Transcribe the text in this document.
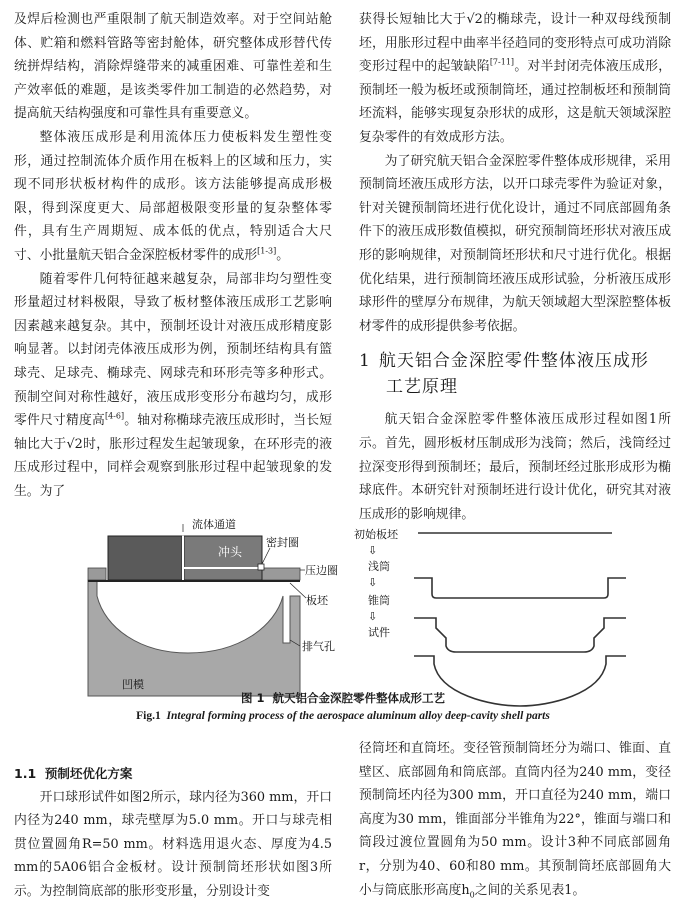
及焊后检测也严重限制了航天制造效率。对于空间站舱体、贮箱和燃料管路等密封舱体，研究整体成形替代传统拼焊结构，消除焊缝带来的减重困难、可靠性差和生产效率低的难题，是该类零件加工制造的必然趋势，对提高航天结构强度和可靠性具有重要意义。

整体液压成形是利用流体压力使板料发生塑性变形，通过控制流体介质作用在板料上的区域和压力，实现不同形状板材构件的成形。该方法能够提高成形极限，得到深度更大、局部超极限变形量的复杂整体零件，具有生产周期短、成本低的优点，特别适合大尺寸、小批量航天铝合金深腔板材零件的成形[1-3]。

随着零件几何特征越来越复杂，局部非均匀塑性变形量超过材料极限，导致了板材整体液压成形工艺影响因素越来越复杂。其中，预制坯设计对液压成形精度影响显著。以封闭壳体液压成形为例，预制坯结构具有篮球壳、足球壳、椭球壳、网球壳和环形壳等多种形式。预制空间对称性越好，液压成形变形分布越均匀，成形零件尺寸精度高[4-6]。轴对称椭球壳液压成形时，当长短轴比大于√2时，胀形过程发生起皱现象，在环形壳的液压成形过程中，同样会观察到胀形过程中起皱现象的发生。为了

获得长短轴比大于√2的椭球壳，设计一种双母线预制坯，用胀形过程中曲率半径趋同的变形特点可成功消除变形过程中的起皱缺陷[7-11]。对半封闭壳体液压成形，预制坯一般为板坯或预制筒坯，通过控制板坯和预制筒坯流料，能够实现复杂形状的成形，这是航天领域深腔复杂零件的有效成形方法。

为了研究航天铝合金深腔零件整体成形规律，采用预制筒坯液压成形方法，以开口球壳零件为验证对象，针对关键预制筒坯进行优化设计，通过不同底部圆角条件下的液压成形数值模拟，研究预制筒坯形状对液压成形的影响规律，对预制筒坯形状和尺寸进行优化。根据优化结果，进行预制筒坯液压成形试验，分析液压成形球形件的壁厚分布规律，为航天领域超大型深腔整体板材零件的成形提供参考依据。

1 航天铝合金深腔零件整体液压成形
工艺原理

航天铝合金深腔零件整体液压成形过程如图1所示。首先，圆形板材压制成形为浅筒；然后，浅筒经过拉深变形得到预制坯；最后，预制坯经过胀形成形为椭球底件。本研究针对预制坯进行设计优化，研究其对液压成形的影响规律。

流体通道
冲头
密封圈
压边圈
板坯
凹模
排气孔
初始板坯
⇩
浅筒
⇩
锥筒
⇩
试件
图 1 航天铝合金深腔零件整体成形工艺
Fig.1 Integral forming process of the aerospace aluminum alloy deep-cavity shell parts
1.1 预制坯优化方案

开口球形试件如图2所示，球内径为360 mm，开口内径为240 mm，球壳壁厚为5.0 mm。开口与球壳相贯位置圆角R=50 mm。材料选用退火态、厚度为4.5 mm的5A06铝合金板材。设计预制筒坯形状如图3所示。为控制筒底部的胀形变形量，分别设计变

径筒坯和直筒坯。变径管预制筒坯分为端口、锥面、直壁区、底部圆角和筒底部。直筒内径为240 mm，变径预制筒坯内径为300 mm，开口直径为240 mm，端口高度为30 mm，锥面部分半锥角为22°，锥面与端口和筒段过渡位置圆角为50 mm。设计3种不同底部圆角r，分别为40、60和80 mm。其预制筒坯底部圆角大小与筒底胀形高度$h_0$之间的关系见表1。
